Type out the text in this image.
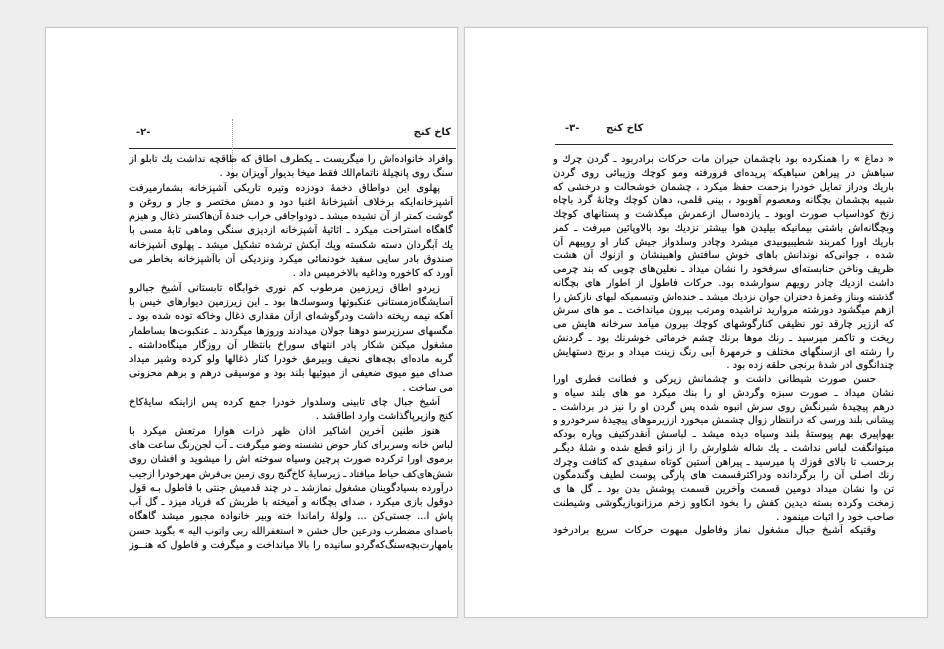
-۲-	کاخ کنج
وافراد خانواده‌اش را میگریست ـ یکطرف اطاق که طاقچه نداشت یك تابلو از
سنگ روی پانچیلهٔ ناتمام‌الك فقط میخا بدیوار آویزان بود .
پهلوی این دواطاق دخمهٔ دودزده وتیره تاریکی آشپزخانه بشمارمیرفت
آشپزخانه‌ایکه برخلاف آشپزخانهٔ اغنیا دود و دمش مختصر و جار و روغن و
گوشت کمتر از آن تشیده میشد ـ دودواجاقی خراب خندهٔ آن‌هاکستر ذغال و هیزم
گاهگاه استراحت میکرد ـ اثاثیهٔ آشپزخانه ازدیزی سنگی وماهی تابهٔ مسی با
یك آبگردان دسته شکسته ویك آبکش ترشده تشکیل میشد ـ پهلوی آشپزخانه
صندوق بادر سایی سفید خودنمائی میکرد ونزدیکی آن باآشپزخانه بخاطر می
آورد که کاخوره وداغیه بالاخرمیس داد .
زیردو اطاق زیرزمین مرطوب کم نوری خوابگاه تابستانی آشیخ جبالرو
آسایشگاه‌زمستانی عنکبوتها وسوسك‌ها بود ـ این زیرزمین دیوارهای خیس با
آهکه نیمه ریخته داشت ودرگوشه‌ای ازآن مقداری ذغال وخاکه توده شده بود ـ
مگسهای سرزیرسو دوهنا جولان میدادند وروزها میگردند ـ عنکبوت‌ها بساطمار
مشغول میکنن شکار پادر انتهای سوراخ بانتظار آن روزگار مینگاه‌داشته ـ
گربه ماده‌ای بچه‌های نحیف وبیرمق خودرا کنار ذغالها ولو کرده وشیر میداد
صدای میو میوی ضعیفی از میوئیها بلند بود و موسیقی درهم و برهم محزونی
می ساخت .
آشیخ جبال چای تابینی وسلدوار خودرا جمع کرده پس ازاینکه سایهٔ‌کاخ
کنج وازیرپاگذاشت وارد اطاقشد .
هنوز طنین آخرین اشاکیر اذان ظهر ذرات هوارا مرتعش میکرد با
لباس خانه وسربرای کنار حوض نشسته وضو میگرفت ـ آب لجن‌رنگ ساعت های
برموی اورا ترکرده صورت پرچین وسیاه سوخته اش را میشوید و افشان روی
شش‌های‌کف حیاط میافتاد ـ زیرسایهٔ کاخ‌گنج روی زمین بی‌فرش مهرخودرا ازجیب
درآورده بسیادگوینان مشغول نمازشد ـ در چند قدمیش جنتی با فاطول بـه قول
دوقول بازی میکرد ، صدای بچگانه و آمیخته با طربش که فریاد میزد ـ گل آب
پاش ا... جستی‌کن ... ولولهٔ راماندا خته وبیر خانواده مجبور میشد گاهگاه
باصدای مضطرب ودرعین حال خشن « استغفرالله ربی واتوب الیه » بگوید حسن
بامهارت‌بچه‌سنگ‌که‌گردو سانیده را بالا میانداخت و میگرفت و فاطول که هنــوز
-۳-	کاخ کنج
« دماغ » را همنکرده بود باچشمان حیران مات حرکات برادربود ـ گردن چرك و
سیاهش در پیراهن سیاهیکه پریده‌ای فرورفته ومو کوچك وزیبائی روی گردن
باریك ودراز تمایل خودرا بزحمت حفظ میکرد ، چشمان خوشحالت و درخشی که
شبیه بچشمان بچگانه ومعصوم آهوبود ، بینی قلمی، دهان کوچك وچانهٔ گرد باچاه
زنخ کوداسیاب صورت اوبود ـ یازده‌سال ازعمرش میگذشت و پستانهای کوچك
وبچگانه‌اش باشتی بیمانیکه بیلیدن هوا بیشتر نزدیك بود بالاوپائین میرفت ـ کمر
باریك اورا کمربند شطیبیوبیدی میشرد وچادر وسلدواز جیش کنار او روپیهم آن
شده ، جوانی‌که نوندانش باهای خوش سافتش واهبینشان و ازنوك آن هشت
ظریف وناخن حنابسته‌ای سرفخود را نشان میداد ـ نعلین‌های چوبی که بند چرمی
داشت ازدیك چادر رویهم سوارشده بود. حرکات فاطول از اطوار های بچگانه
گذشته وبناز وغمزهٔ دختران جوان نزدیك میشد ـ خنده‌اش وتبسمیکه لبهای نازکش را
ازهم میگشود دورشته مروارید تراشیده ومرتب بیرون میانداخت ـ مو های سرش
که اززیر چارقد تور نظیفی کنارگوشهای کوچك بیرون میآمد سرخانه هایش می
ریخت و تاکمر میرسید ـ رنك موها برنك چشم خرمائی خوشرنك بود ـ گردنش
را رشته ای ازسنگهای مختلف و خرمهرهٔ آبی رنگ زینت میداد و برنج دستهایش
چندانگوی ادر شدهٔ برنجی حلقه زده بود .
حسن صورت شیطانی داشت و چشمانش زیرکی و فطانت فطری اورا
نشان میداد ـ صورت سبزه وگردش او را بنك میکرد مو های بلند سیاه و
درهم پیچیدهٔ شبرنگش روی سرش انبوه شده پس گردن او را نیز در برداشت ـ
پیشانی بلند ورسی که درانتظار زوال چشمش میخورد اززیرموهای پیچیدهٔ سرخودرو و
بهواپیری بهم پیوستهٔ بلند وسیاه دیده میشد ـ لباسش آنقدرکثیف وپاره بودکه
میتوانگفت لباس نداشت ـ یك شاله شلوارش را از زانو قطع شده و شلهٔ دیگـر
برحسب تا بالای قوزك پا میرسید ـ پیراهن آستین کوتاه سفیدی که کثافت وچرك
رنك اصلی آن را برگردانده ودراکثرقسمت های پارگی پوست لطیف وگندمگون
تن وا نشان میداد دومین قسمت وآخرین قسمت پوشش بدن بود ـ گل ها ی
زمخت وکرده بسته دیدین کفش را بخود انکاوو زخم مرزانوبازیگوشی وشیطنت
صاحب خود را اثبات مینمود .
وقتیکه آشیخ جبال مشغول نماز وفاطول مبهوت حرکات سریع برادرخود
